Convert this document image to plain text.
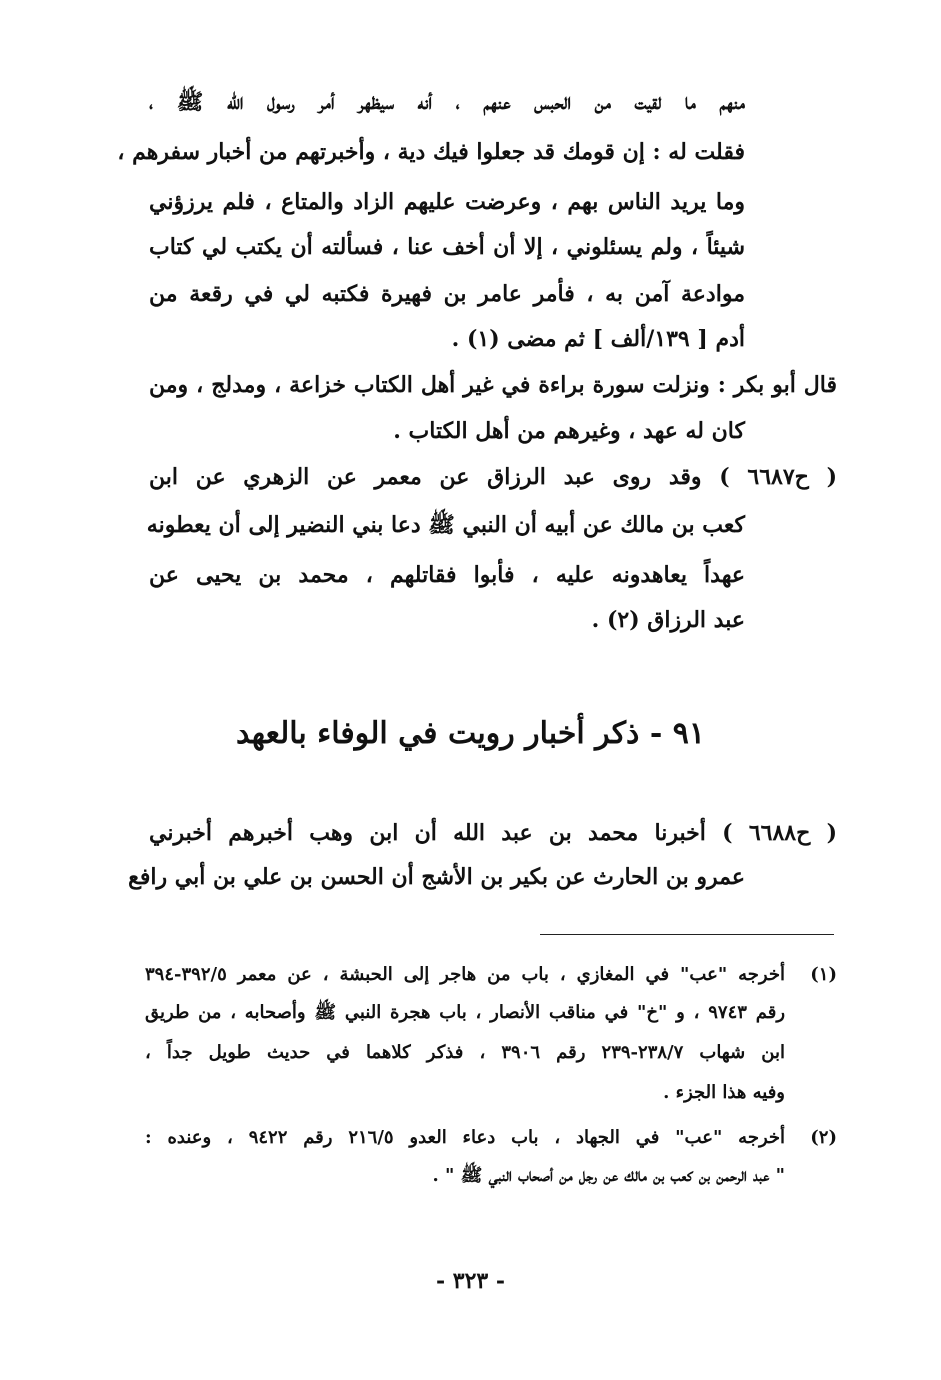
منهم ما لقيت من الحبس عنهم ، أنه سيظهر أمر رسول الله ﷺ ،
فقلت له : إن قومك قد جعلوا فيك دية ، وأخبرتهم من أخبار سفرهم ،
وما يريد الناس بهم ، وعرضت عليهم الزاد والمتاع ، فلم يرزؤني
شيئاً ، ولم يسئلوني ، إلا أن أخف عنا ، فسألته أن يكتب لي كتاب
موادعة آمن به ، فأمر عامر بن فهيرة فكتبه لي في رقعة من
أدم [ ١٣٩/ألف ] ثم مضى (١) .
قال أبو بكر : ونزلت سورة براءة في غير أهل الكتاب خزاعة ، ومدلج ، ومن
كان له عهد ، وغيرهم من أهل الكتاب .
( ح٦٦٨٧ ) وقد روى عبد الرزاق عن معمر عن الزهري عن ابن
كعب بن مالك عن أبيه أن النبي ﷺ دعا بني النضير إلى أن يعطونه
عهداً يعاهدونه عليه ، فأبوا فقاتلهم ، محمد بن يحيى عن
عبد الرزاق (٢) .
٩١ - ذكر أخبار رويت في الوفاء بالعهد
( ح٦٦٨٨ ) أخبرنا محمد بن عبد الله أن ابن وهب أخبرهم أخبرني
عمرو بن الحارث عن بكير بن الأشج أن الحسن بن علي بن أبي رافع
(١)
أخرجه "عب" في المغازي ، باب من هاجر إلى الحبشة ، عن معمر ٣٩٢/٥-٣٩٤
رقم ٩٧٤٣ ، و "خ" في مناقب الأنصار ، باب هجرة النبي ﷺ وأصحابه ، من طريق
ابن شهاب ٢٣٨/٧-٢٣٩ رقم ٣٩٠٦ ، فذكر كلاهما في حديث طويل جداً ،
وفيه هذا الجزء .
(٢)
أخرجه "عب" في الجهاد ، باب دعاء العدو ٢١٦/٥ رقم ٩٤٢٢ ، وعنده :
" عبد الرحمن بن كعب بن مالك عن رجل من أصحاب النبي ﷺ " .
- ٣٢٣ -
